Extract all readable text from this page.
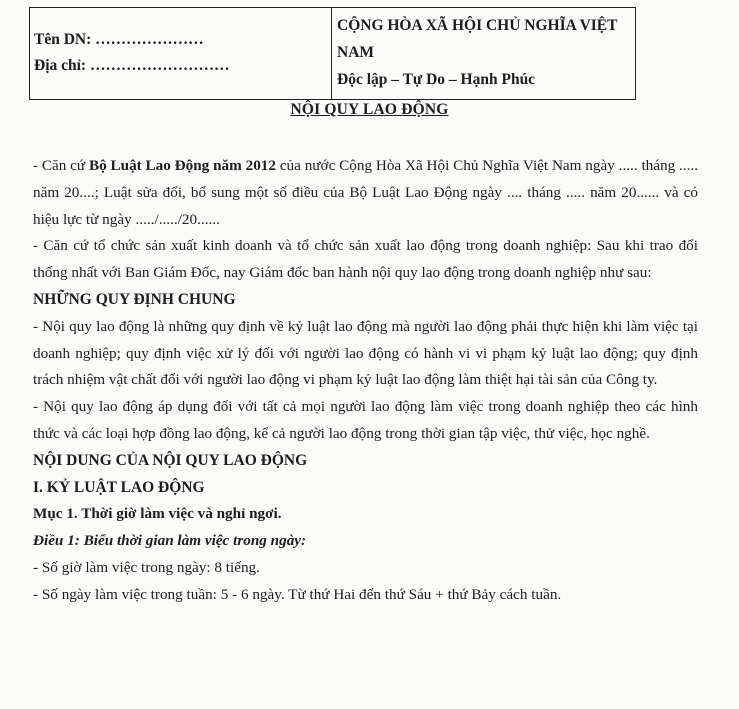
Tên DN: …………………
Địa chỉ: ………………………
CỘNG HÒA XÃ HỘI CHỦ NGHĨA VIỆT NAM
Độc lập – Tự Do – Hạnh Phúc
NỘI QUY LAO ĐỘNG

- Căn cứ Bộ Luật Lao Động năm 2012 của nước Cộng Hòa Xã Hội Chủ Nghĩa Việt Nam ngày ..... tháng ..... năm 20....; Luật sửa đổi, bổ sung một số điều của Bộ Luật Lao Động ngày .... tháng ..... năm 20...... và có hiệu lực từ ngày ...../...../20......

- Căn cứ tổ chức sản xuất kinh doanh và tổ chức sản xuất lao động trong doanh nghiệp: Sau khi trao đổi thống nhất với Ban Giám Đốc, nay Giám đốc ban hành nội quy lao động trong doanh nghiệp như sau:

NHỮNG QUY ĐỊNH CHUNG

- Nội quy lao động là những quy định về kỷ luật lao động mà người lao động phải thực hiện khi làm việc tại doanh nghiệp; quy định việc xử lý đối với người lao động có hành vi vi phạm kỷ luật lao động; quy định trách nhiệm vật chất đối với người lao động vi phạm kỷ luật lao động làm thiệt hại tài sản của Công ty.

- Nội quy lao động áp dụng đối với tất cả mọi người lao động làm việc trong doanh nghiệp theo các hình thức và các loại hợp đồng lao động, kể cả người lao động trong thời gian tập việc, thử việc, học nghề.

NỘI DUNG CỦA NỘI QUY LAO ĐỘNG

I. KỶ LUẬT LAO ĐỘNG

Mục 1. Thời giờ làm việc và nghỉ ngơi.

Điều 1: Biểu thời gian làm việc trong ngày:

- Số giờ làm việc trong ngày: 8 tiếng.

- Số ngày làm việc trong tuần: 5 - 6 ngày. Từ thứ Hai đến thứ Sáu + thứ Bảy cách tuần.
